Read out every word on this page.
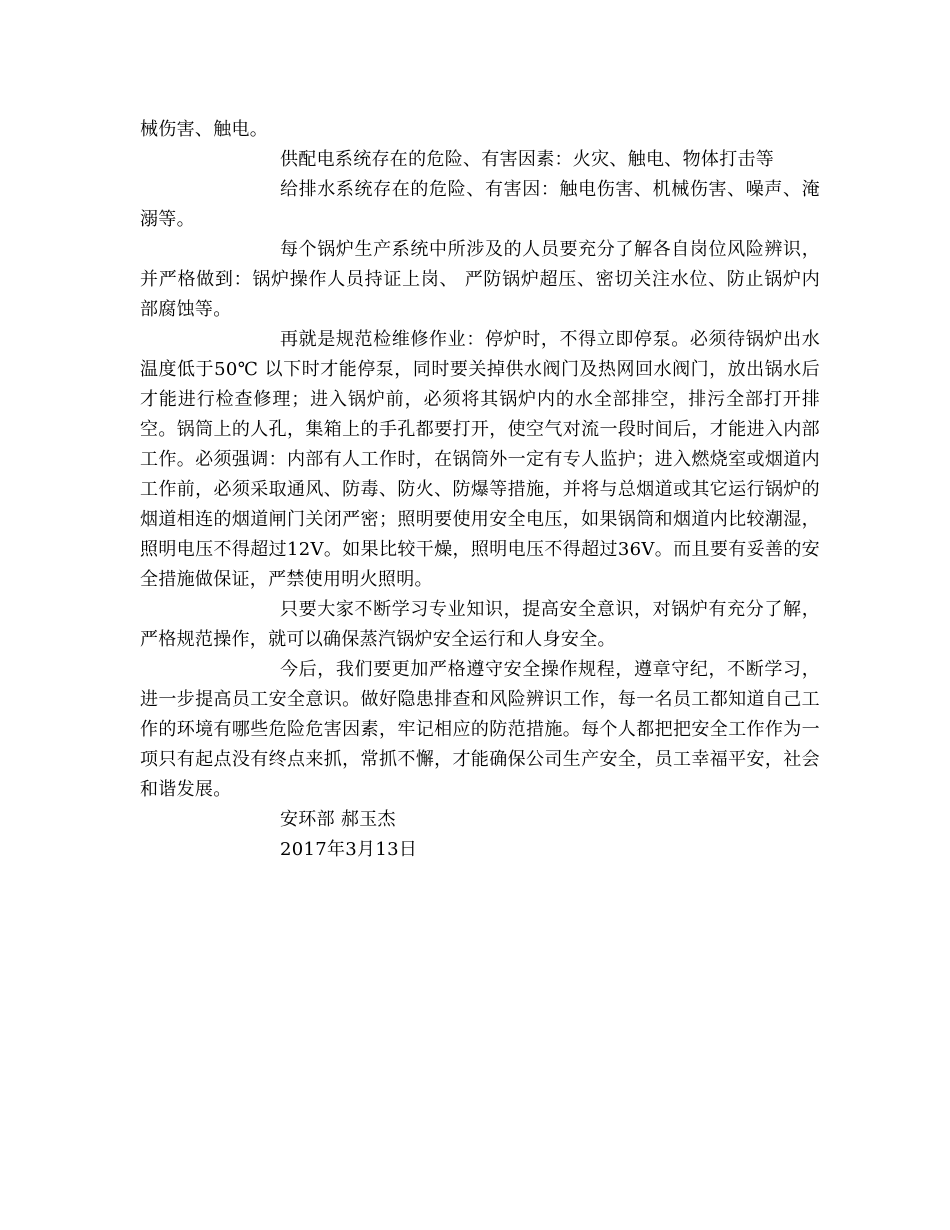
械伤害、触电。

供配电系统存在的危险、有害因素：火灾、触电、物体打击等

给排水系统存在的危险、有害因：触电伤害、机械伤害、噪声、淹溺等。

每个锅炉生产系统中所涉及的人员要充分了解各自岗位风险辨识，并严格做到：锅炉操作人员持证上岗、 严防锅炉超压、密切关注水位、防止锅炉内部腐蚀等。

再就是规范检维修作业：停炉时，不得立即停泵。必须待锅炉出水温度低于50℃ 以下时才能停泵，同时要关掉供水阀门及热网回水阀门，放出锅水后才能进行检查修理；进入锅炉前，必须将其锅炉内的水全部排空，排污全部打开排空。锅筒上的人孔，集箱上的手孔都要打开，使空气对流一段时间后，才能进入内部工作。必须强调：内部有人工作时，在锅筒外一定有专人监护；进入燃烧室或烟道内工作前，必须采取通风、防毒、防火、防爆等措施，并将与总烟道或其它运行锅炉的烟道相连的烟道闸门关闭严密；照明要使用安全电压，如果锅筒和烟道内比较潮湿，照明电压不得超过12V。如果比较干燥，照明电压不得超过36V。而且要有妥善的安全措施做保证，严禁使用明火照明。

只要大家不断学习专业知识，提高安全意识，对锅炉有充分了解，严格规范操作，就可以确保蒸汽锅炉安全运行和人身安全。

今后，我们要更加严格遵守安全操作规程，遵章守纪，不断学习，进一步提高员工安全意识。做好隐患排查和风险辨识工作，每一名员工都知道自己工作的环境有哪些危险危害因素，牢记相应的防范措施。每个人都把把安全工作作为一项只有起点没有终点来抓，常抓不懈，才能确保公司生产安全，员工幸福平安，社会和谐发展。

安环部 郝玉杰

2017年3月13日
